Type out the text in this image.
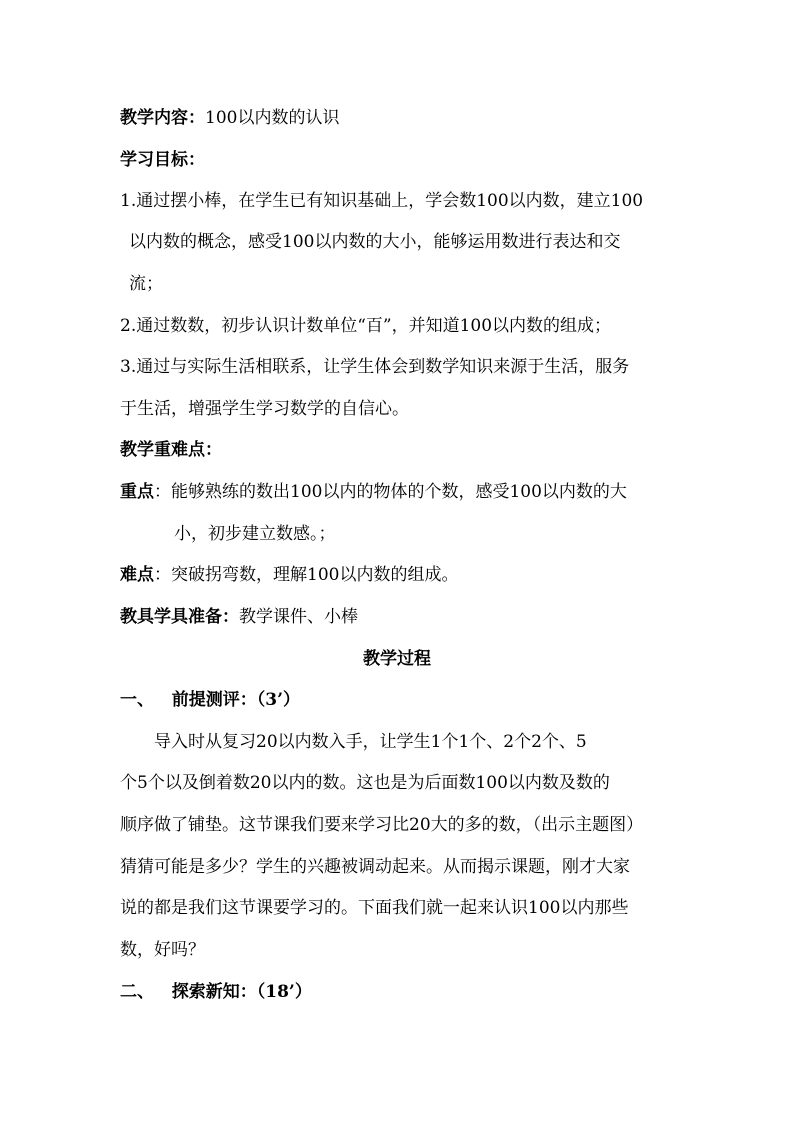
教学内容：100以内数的认识
学习目标：
1.通过摆小棒，在学生已有知识基础上，学会数100以内数，建立100
以内数的概念，感受100以内数的大小，能够运用数进行表达和交
流；
2.通过数数，初步认识计数单位“百”，并知道100以内数的组成；
3.通过与实际生活相联系，让学生体会到数学知识来源于生活，服务
于生活，增强学生学习数学的自信心。
教学重难点：
重点：能够熟练的数出100以内的物体的个数，感受100以内数的大
小，初步建立数感。；
难点：突破拐弯数，理解100以内数的组成。
教具学具准备：教学课件、小棒
教学过程
一、   前提测评：（3’）
导入时从复习20以内数入手，让学生1个1个、2个2个、5
个5个以及倒着数20以内的数。这也是为后面数100以内数及数的
顺序做了铺垫。这节课我们要来学习比20大的多的数，（出示主题图）
猜猜可能是多少？学生的兴趣被调动起来。从而揭示课题，刚才大家
说的都是我们这节课要学习的。下面我们就一起来认识100以内那些
数，好吗？
二、   探索新知：（18’）
